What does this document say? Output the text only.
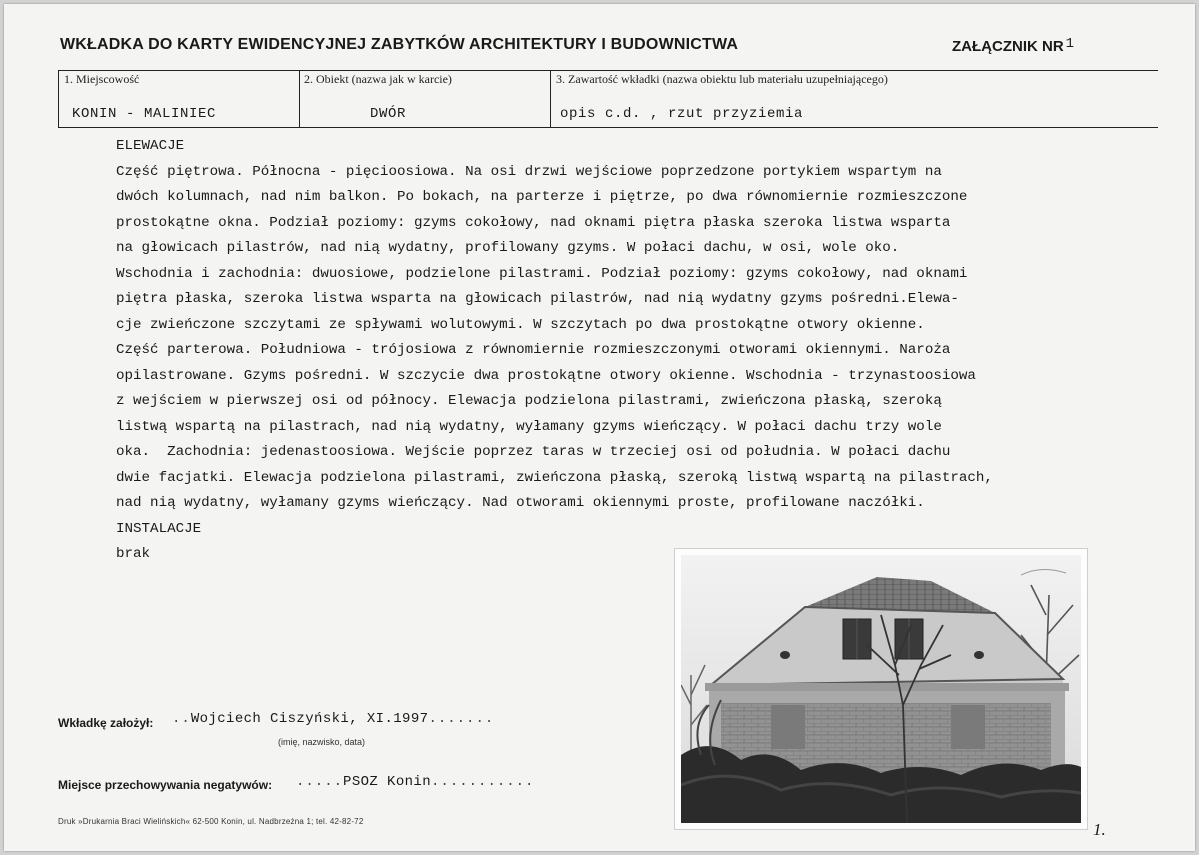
WKŁADKA DO KARTY EWIDENCYJNEJ ZABYTKÓW ARCHITEKTURY I BUDOWNICTWA	ZAŁĄCZNIK NR 1
1. Miejscowość
KONIN - MALINIEC
2. Obiekt (nazwa jak w karcie)
DWÓR
3. Zawartość wkładki (nazwa obiektu lub materiału uzupełniającego)
opis c.d. , rzut przyziemia
ELEWACJE
Część piętrowa. Północna - pięcioosiowa. Na osi drzwi wejściowe poprzedzone portykiem wspartym na
dwóch kolumnach, nad nim balkon. Po bokach, na parterze i piętrze, po dwa równomiernie rozmieszczone
prostokątne okna. Podział poziomy: gzyms cokołowy, nad oknami piętra płaska szeroka listwa wsparta
na głowicach pilastrów, nad nią wydatny, profilowany gzyms. W połaci dachu, w osi, wole oko.
Wschodnia i zachodnia: dwuosiowe, podzielone pilastrami. Podział poziomy: gzyms cokołowy, nad oknami
piętra płaska, szeroka listwa wsparta na głowicach pilastrów, nad nią wydatny gzyms pośredni.Elewa-
cje zwieńczone szczytami ze spływami wolutowymi. W szczytach po dwa prostokątne otwory okienne.
Część parterowa. Południowa - trójosiowa z równomiernie rozmieszczonymi otworami okiennymi. Naroża
opilastrowane. Gzyms pośredni. W szczycie dwa prostokątne otwory okienne. Wschodnia - trzynastoosiowa
z wejściem w pierwszej osi od północy. Elewacja podzielona pilastrami, zwieńczona płaską, szeroką
listwą wspartą na pilastrach, nad nią wydatny, wyłamany gzyms wieńczący. W połaci dachu trzy wole
oka.  Zachodnia: jedenastoosiowa. Wejście poprzez taras w trzeciej osi od południa. W połaci dachu
dwie facjatki. Elewacja podzielona pilastrami, zwieńczona płaską, szeroką listwą wspartą na pilastrach,
nad nią wydatny, wyłamany gzyms wieńczący. Nad otworami okiennymi proste, profilowane naczółki.
INSTALACJE
brak
Wkładkę założył: ..Wojciech Ciszyński, XI.1997.......
(imię, nazwisko, data)
Miejsce przechowywania negatywów: .....PSOZ Konin...........
Druk »Drukarnia Braci Wielińskich« 62-500 Konin, ul. Nadbrzeżna 1; tel. 42-82-72	1.
